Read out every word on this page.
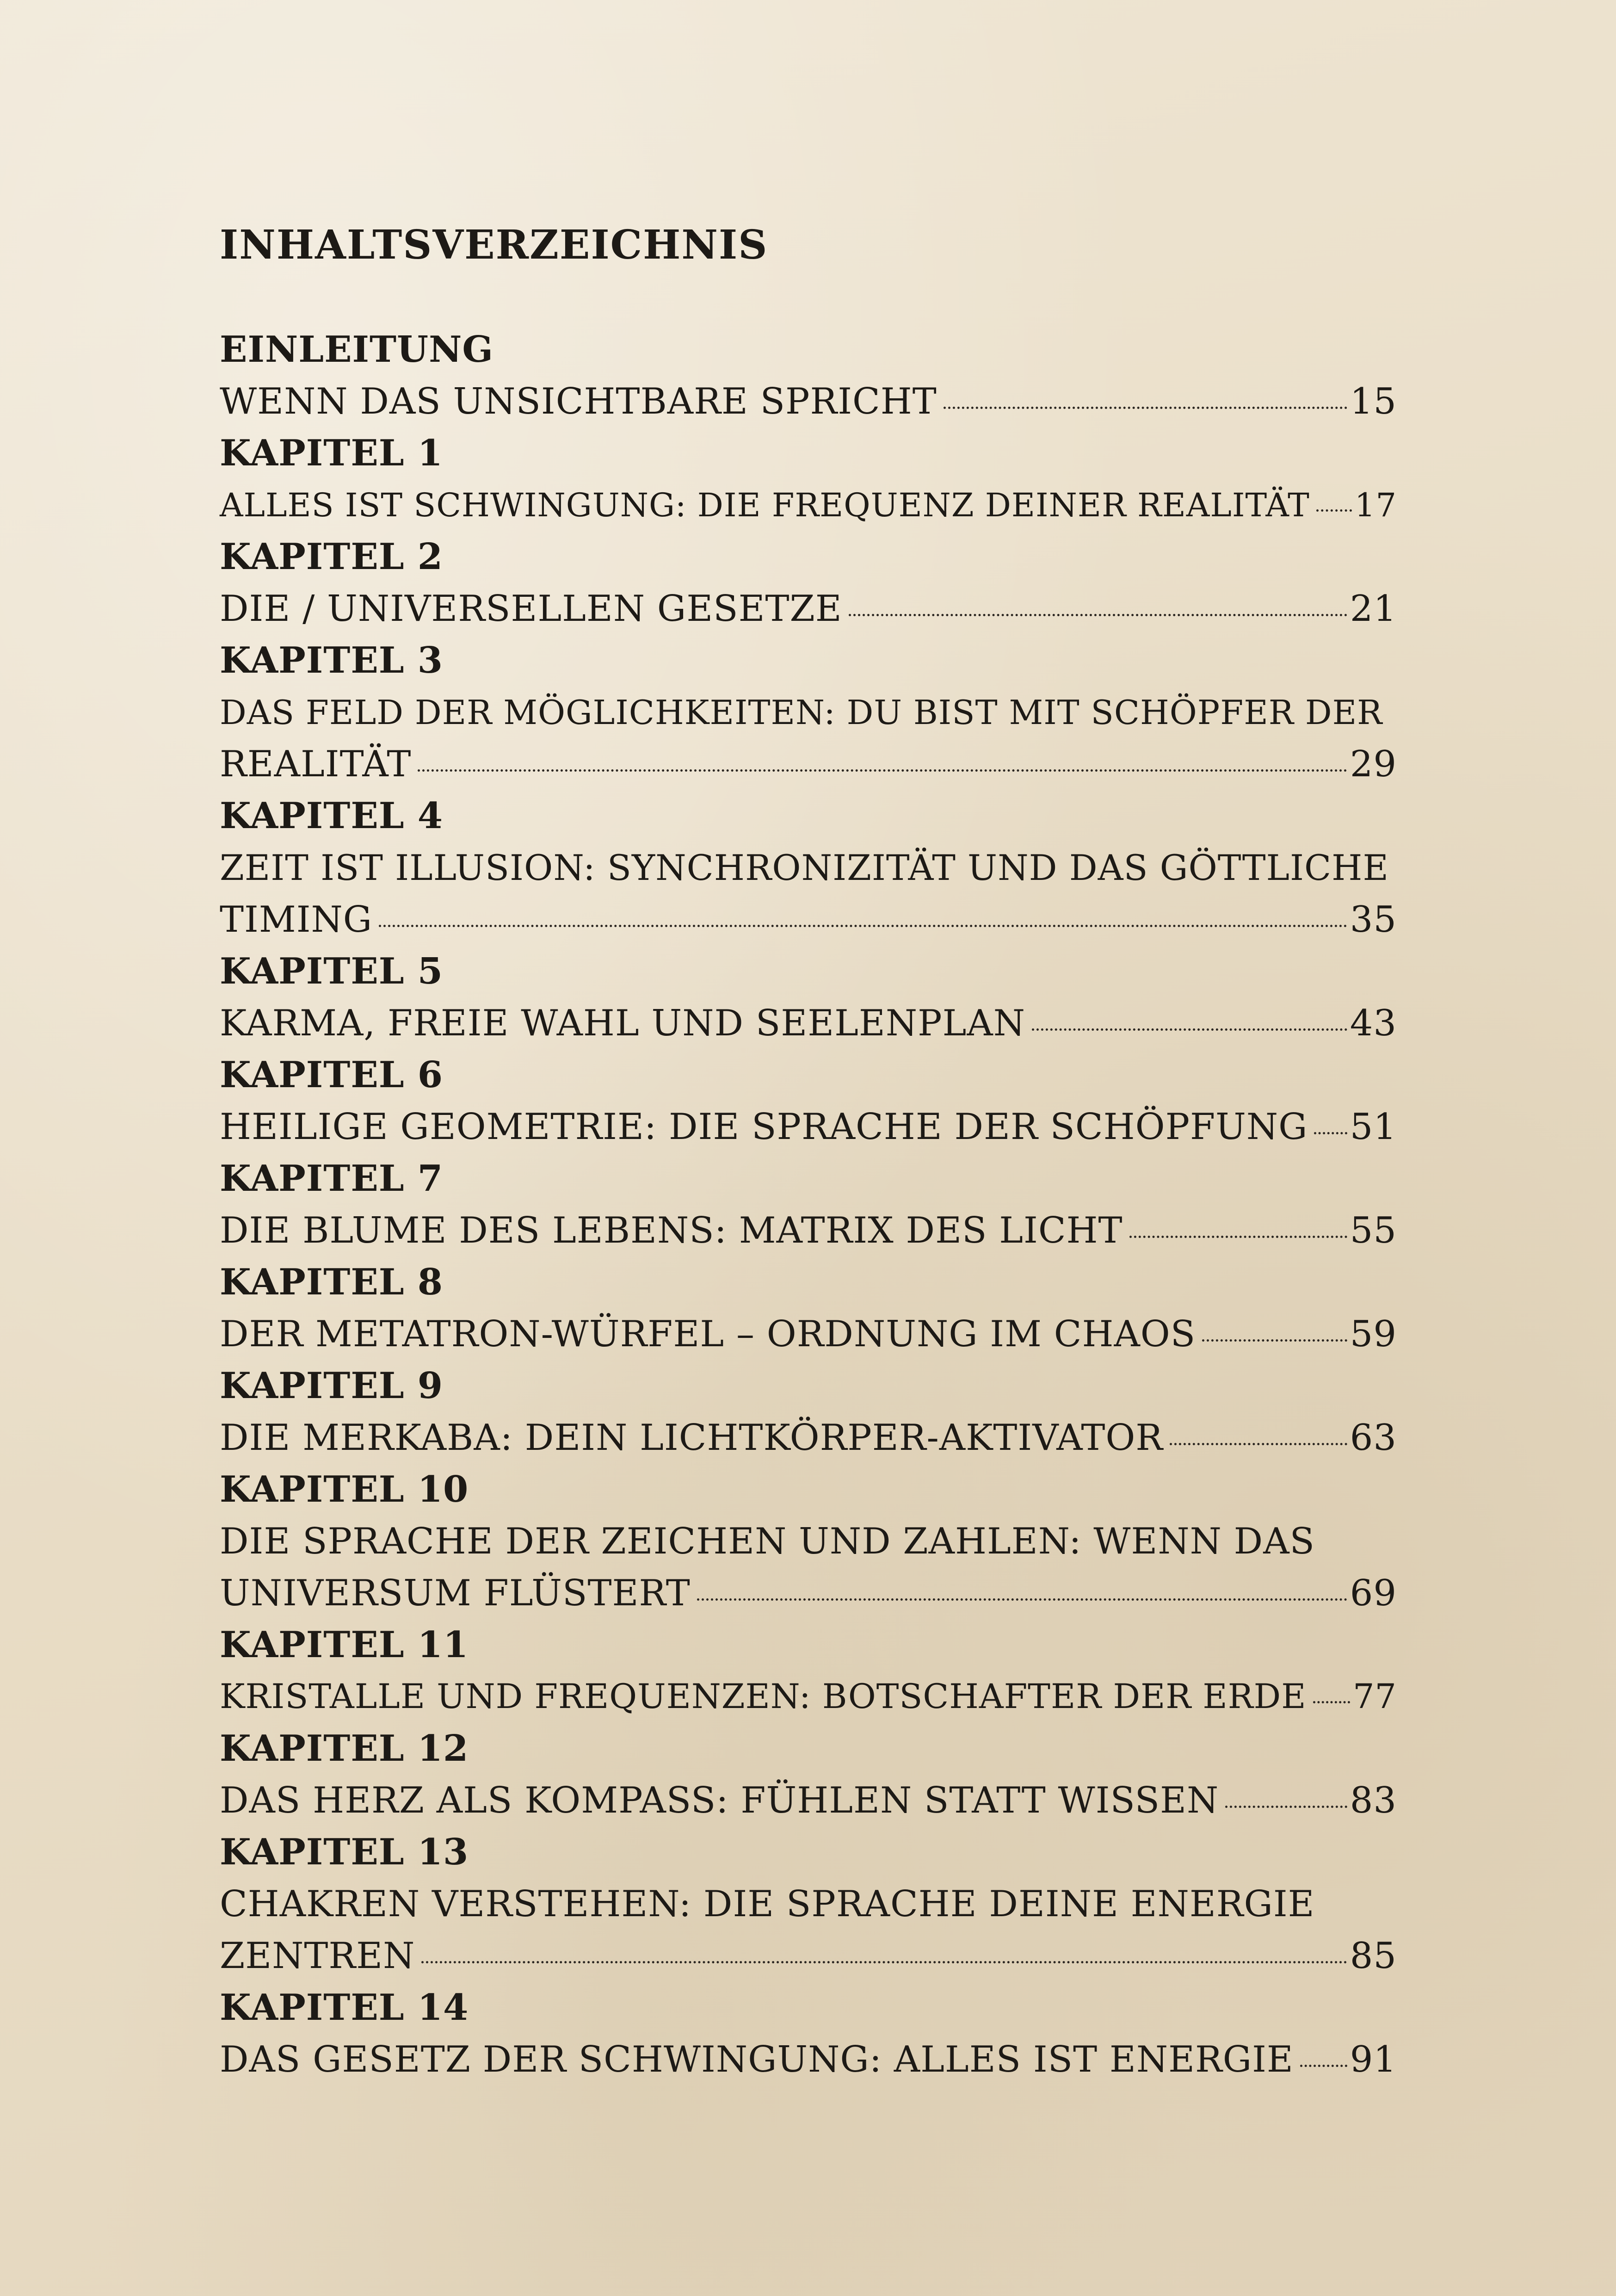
INHALTSVERZEICHNIS
EINLEITUNG
WENN DAS UNSICHTBARE SPRICHT	15
KAPITEL 1
ALLES IST SCHWINGUNG: DIE FREQUENZ DEINER REALITÄT 17
KAPITEL 2
DIE / UNIVERSELLEN GESETZE	21
KAPITEL 3
DAS FELD DER MÖGLICHKEITEN: DU BIST MIT SCHÖPFER DER
REALITÄT	29
KAPITEL 4
ZEIT IST ILLUSION: SYNCHRONIZITÄT UND DAS GÖTTLICHE
TIMING	35
KAPITEL 5
KARMA, FREIE WAHL UND SEELENPLAN	43
KAPITEL 6
HEILIGE GEOMETRIE: DIE SPRACHE DER SCHÖPFUNG 51
KAPITEL 7
DIE BLUME DES LEBENS: MATRIX DES LICHT	55
KAPITEL 8
DER METATRON-WÜRFEL – ORDNUNG IM CHAOS	59
KAPITEL 9
DIE MERKABA: DEIN LICHTKÖRPER-AKTIVATOR	63
KAPITEL 10
DIE SPRACHE DER ZEICHEN UND ZAHLEN: WENN DAS
UNIVERSUM FLÜSTERT	69
KAPITEL 11
KRISTALLE UND FREQUENZEN: BOTSCHAFTER DER ERDE 77
KAPITEL 12
DAS HERZ ALS KOMPASS: FÜHLEN STATT WISSEN	83
KAPITEL 13
CHAKREN VERSTEHEN: DIE SPRACHE DEINE ENERGIE
ZENTREN	85
KAPITEL 14
DAS GESETZ DER SCHWINGUNG: ALLES IST ENERGIE 91
